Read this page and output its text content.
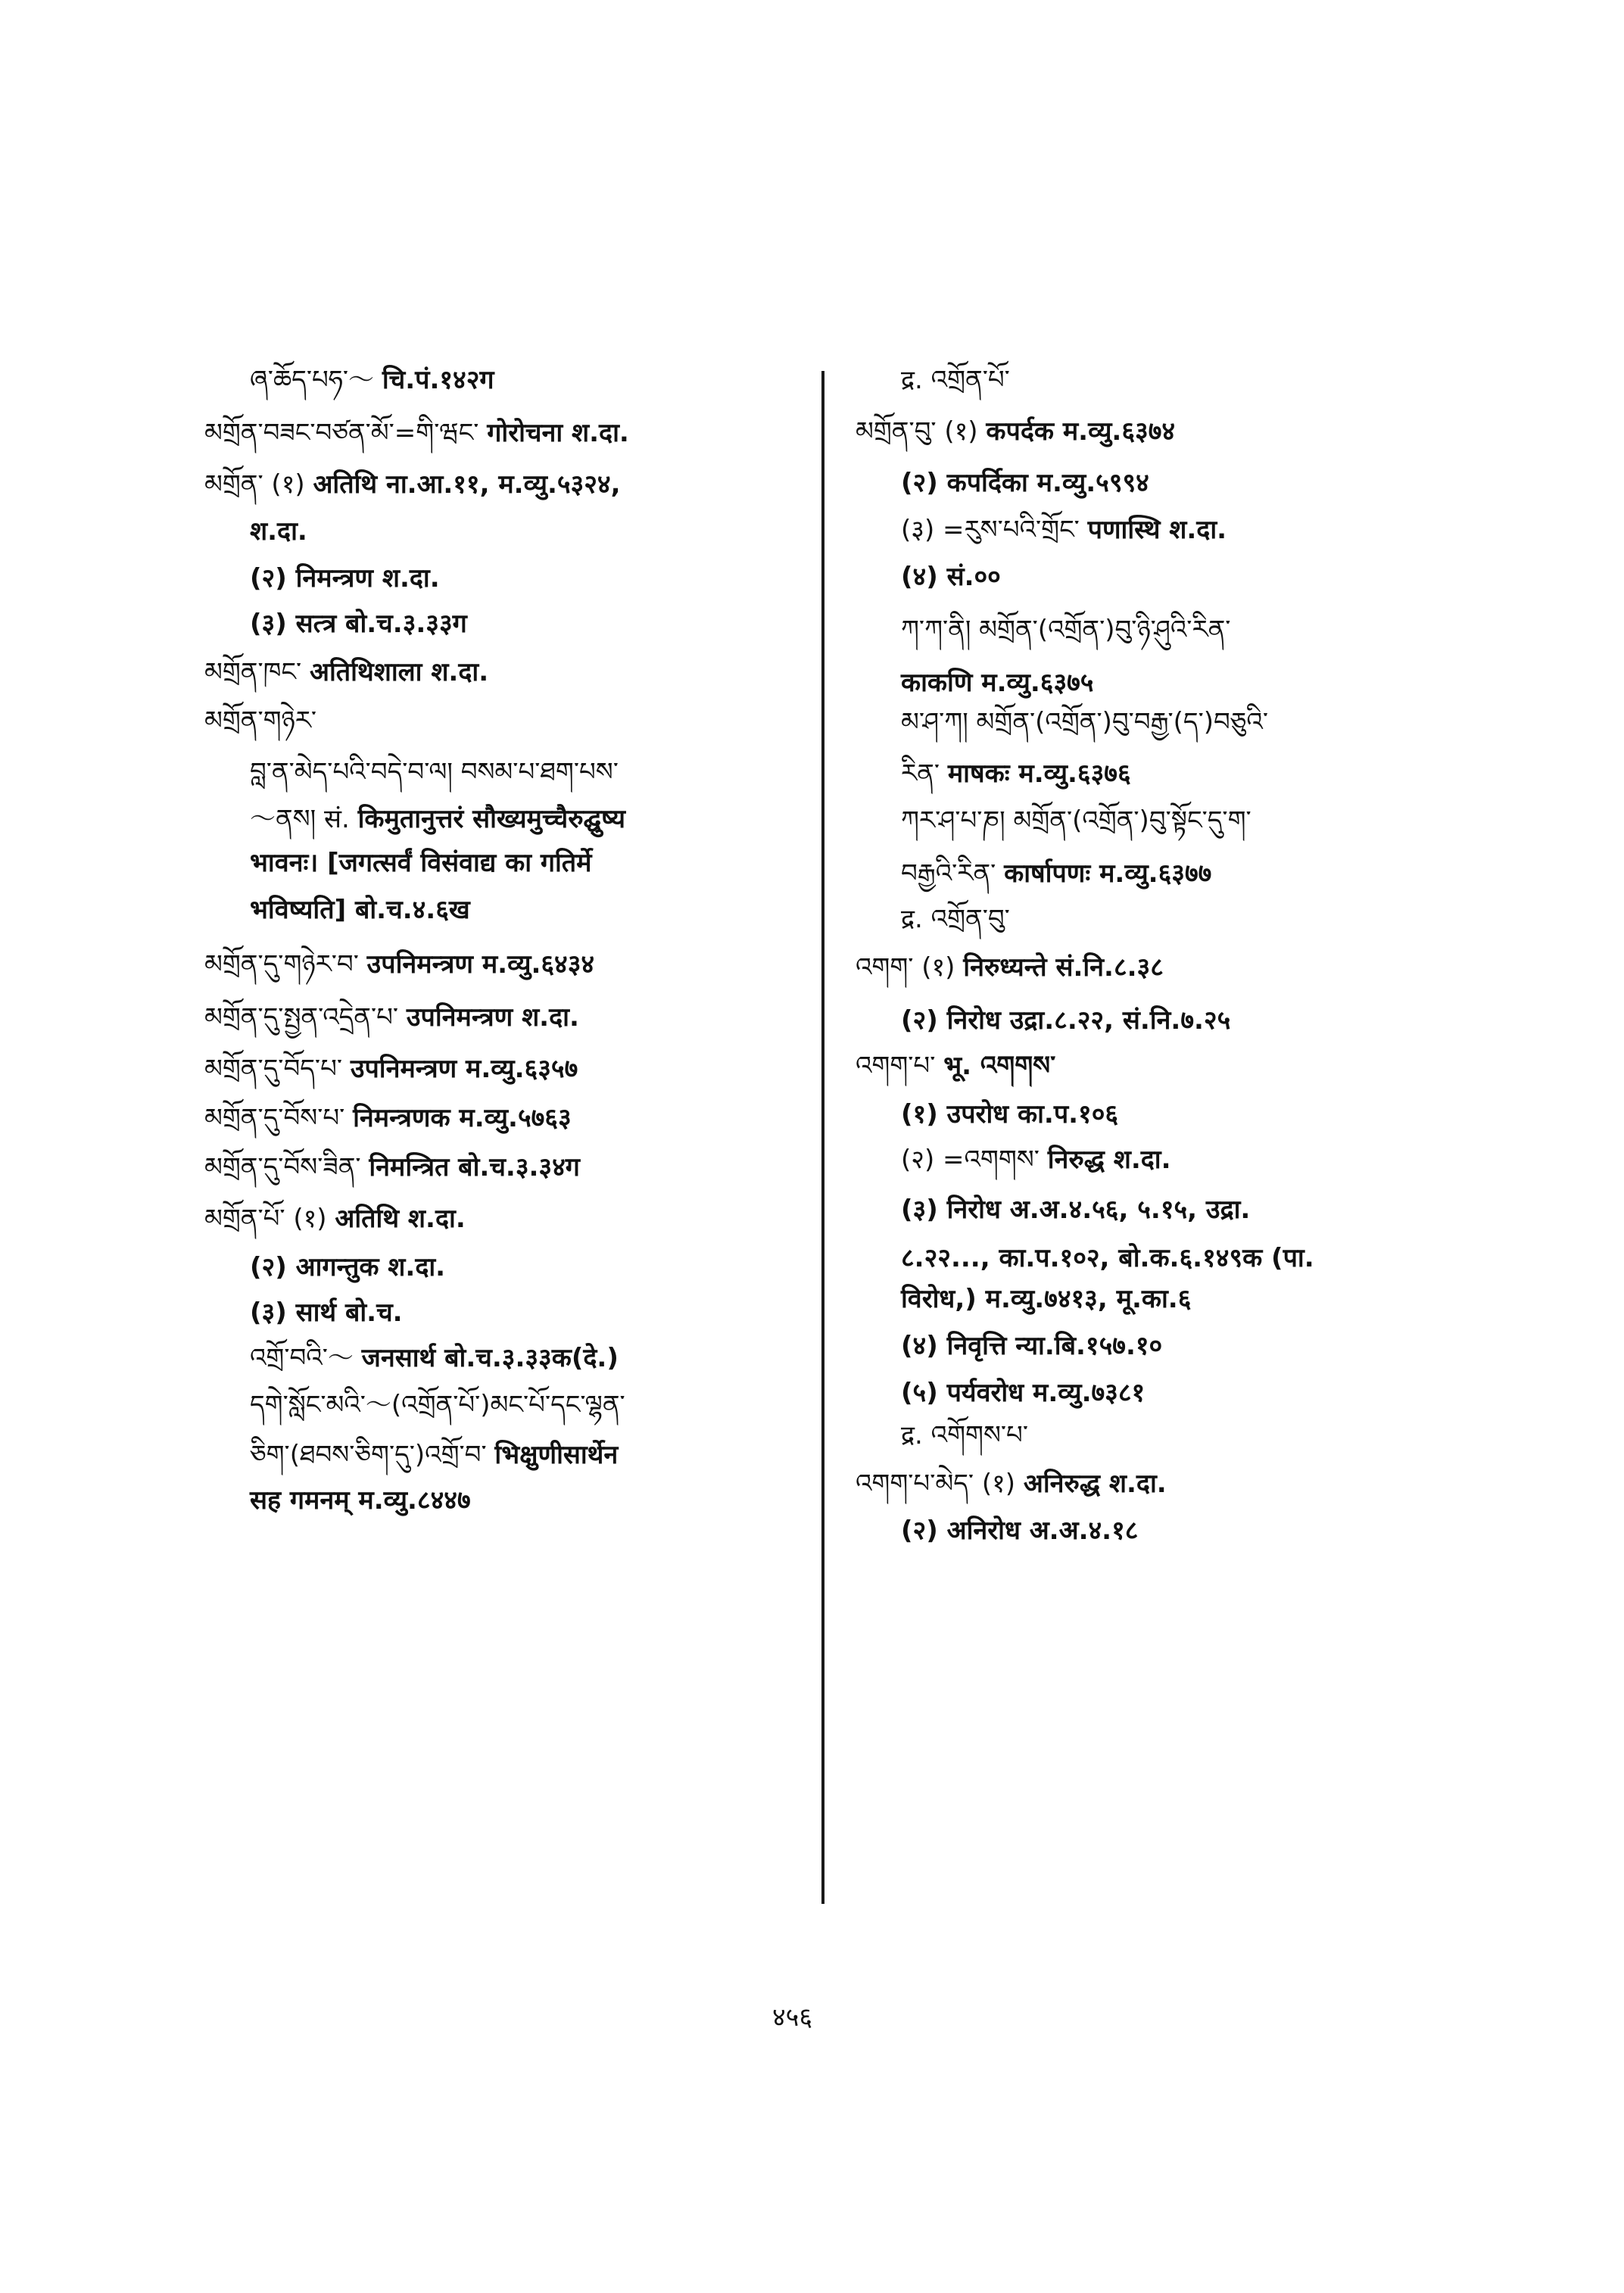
ཞ་ཆོད་པཧ་～ चि.पं.१४२ग
མགྲོན་བཟང་བཙན་མོ་=གི་ཝང་ गोरोचना श.दा.
མགྲོན་ (१) अतिथि ना.आ.११, म.व्यु.५३२४,
श.दा.
(२) निमन्त्रण श.दा.
(३) सत्त्र बो.च.३.३३ग
མགྲོན་ཁང་ अतिथिशाला श.दा.
མགྲོན་གཉེར་
བླ་ན་མེད་པའི་བདེ་བ་ལ། བསམ་པ་ཐག་པས་
～ནས། सं. किमुतानुत्तरं सौख्यमुच्चैरुद्घुष्य
भावनः। [जगत्सर्वं विसंवाद्य का गतिर्मे
भविष्यति] बो.च.४.६ख
མགྲོན་དུ་གཉེར་བ་ उपनिमन्त्रण म.व्यु.६४३४
མགྲོན་དུ་སྤྱན་འདྲེན་པ་ उपनिमन्त्रण श.दा.
མགྲོན་དུ་བོད་པ་ उपनिमन्त्रण म.व्यु.६३५७
མགྲོན་དུ་བོས་པ་ निमन्त्रणक म.व्यु.५७६३
མགྲོན་དུ་བོས་ཟིན་ निमन्त्रित बो.च.३.३४ग
མགྲོན་པོ་ (१) अतिथि श.दा.
(२) आगन्तुक श.दा.
(३) सार्थ बो.च.
འགྲོ་བའི་～ जनसार्थ बो.च.३.३३क(दे.)
དགེ་སློང་མའི་～(འགྲོན་པོ་)མང་པོ་དང་ལྷན་
ཅིག་(ཐབས་ཅིག་དུ་)འགྲོ་བ་ भिक्षुणीसार्थेन
सह गमनम् म.व्यु.८४४७
द्र. འགྲོན་པོ་
མགྲོན་བུ་ (१) कपर्दक म.व्यु.६३७४
(२) कपर्दिका म.व्यु.५९९४
(३) =རུས་པའི་གྲོང་ पणास्थि श.दा.
(४) सं.००
ཀ་ཀ་ནི། མགྲོན་(འགྲོན་)བུ་ཉི་ཤུའི་རིན་
काकणि म.व्यु.६३७५
མ་ཤ་ཀ། མགྲོན་(འགྲོན་)བུ་བརྒྱ་(ད་)བཅུའི་
རིན་ माषकः म.व्यु.६३७६
ཀར་ཤ་པ་ཎ། མགྲོན་(འགྲོན་)བུ་སྟོང་དུ་ག་
བརྒྱའི་རིན་ कार्षापणः म.व्यु.६३७७
द्र. འགྲོན་བུ་
འགག་ (१) निरुध्यन्ते सं.नि.८.३८
(२) निरोध उद्रा.८.२२, सं.नि.७.२५
འགག་པ་ भू. འགགས་
(१) उपरोध का.प.१०६
(२) =འགགས་ निरुद्ध श.दा.
(३) निरोध अ.अ.४.५६, ५.१५, उद्रा.
८.२२..., का.प.१०२, बो.क.६.१४९क (पा.
विरोध,) म.व्यु.७४१३, मू.का.६
(४) निवृत्ति न्या.बि.१५७.१०
(५) पर्यवरोध म.व्यु.७३८१
द्र. འགོགས་པ་
འགག་པ་མེད་ (१) अनिरुद्ध श.दा.
(२) अनिरोध अ.अ.४.१८
४५६
